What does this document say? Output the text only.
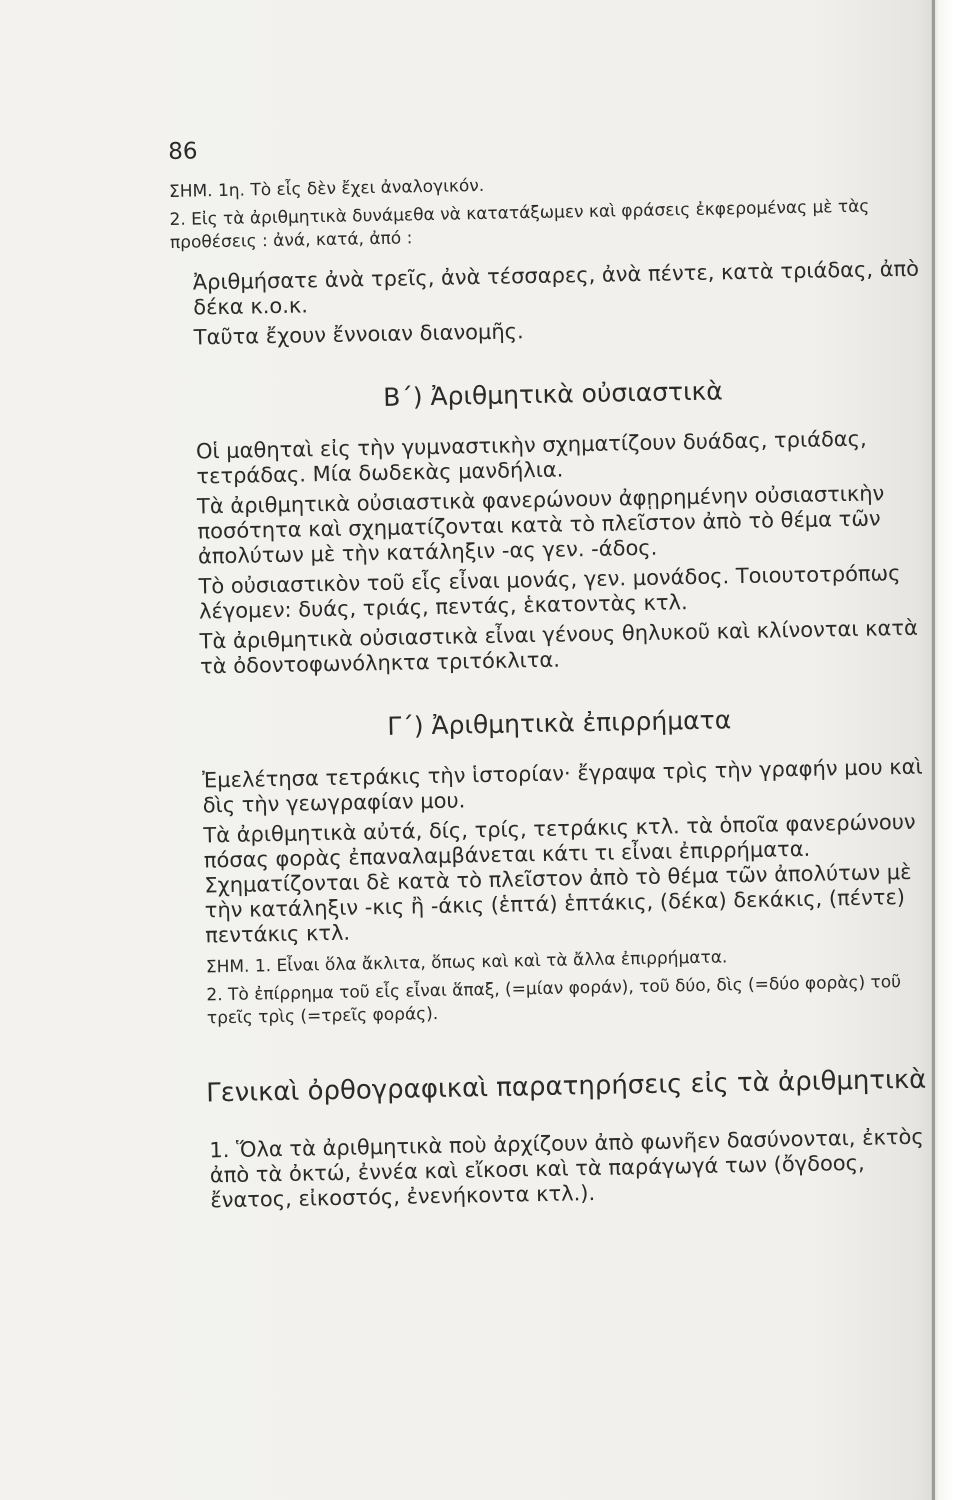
86

ΣΗΜ. 1η. Τὸ εἷς δὲν ἔχει ἀναλογικόν.

2. Εἰς τὰ ἀριθμητικὰ δυνάμεθα νὰ κατατάξωμεν καὶ φράσεις ἐκφερομένας μὲ τὰς προθέσεις : ἀνά, κατά, ἀπό :

Ἀριθμήσατε ἀνὰ τρεῖς, ἀνὰ τέσσαρες, ἀνὰ πέντε, κατὰ τριάδας, ἀπὸ δέκα κ.ο.κ.

Ταῦτα ἔχουν ἔννοιαν διανομῆς.

Β΄) Ἀριθμητικὰ οὐσιαστικὰ

Οἱ μαθηταὶ εἰς τὴν γυμναστικὴν σχηματίζουν δυάδας, τριάδας, τετράδας. Μία δωδεκὰς μανδήλια.

Τὰ ἀριθμητικὰ οὐσιαστικὰ φανερώνουν ἀφῃρημένην οὐσιαστικὴν ποσότητα καὶ σχηματίζονται κατὰ τὸ πλεῖστον ἀπὸ τὸ θέμα τῶν ἀπολύτων μὲ τὴν κατάληξιν -ας γεν. -άδος.

Τὸ οὐσιαστικὸν τοῦ εἷς εἶναι μονάς, γεν. μονάδος. Τοιουτοτρόπως λέγομεν: δυάς, τριάς, πεντάς, ἑκατοντὰς κτλ.

Τὰ ἀριθμητικὰ οὐσιαστικὰ εἶναι γένους θηλυκοῦ καὶ κλίνονται κατὰ τὰ ὀδοντοφωνόληκτα τριτόκλιτα.

Γ΄) Ἀριθμητικὰ ἐπιρρήματα

Ἐμελέτησα τετράκις τὴν ἱστορίαν· ἔγραψα τρὶς τὴν γραφήν μου καὶ δὶς τὴν γεωγραφίαν μου.

Τὰ ἀριθμητικὰ αὐτά, δίς, τρίς, τετράκις κτλ. τὰ ὁποῖα φανερώνουν πόσας φορὰς ἐπαναλαμβάνεται κάτι τι εἶναι ἐπιρρήματα. Σχηματίζονται δὲ κατὰ τὸ πλεῖστον ἀπὸ τὸ θέμα τῶν ἀπολύτων μὲ τὴν κατάληξιν -κις ἢ -άκις (ἑπτά) ἑπτάκις, (δέκα) δεκάκις, (πέντε) πεντάκις κτλ.

ΣΗΜ. 1. Εἶναι ὅλα ἄκλιτα, ὅπως καὶ καὶ τὰ ἄλλα ἐπιρρήματα.

2. Τὸ ἐπίρρημα τοῦ εἷς εἶναι ἅπαξ, (=μίαν φοράν), τοῦ δύο, δὶς (=δύο φορὰς) τοῦ τρεῖς τρὶς (=τρεῖς φοράς).

Γενικαὶ ὀρθογραφικαὶ παρατηρήσεις εἰς τὰ ἀριθμητικὰ

1. Ὅλα τὰ ἀριθμητικὰ ποὺ ἀρχίζουν ἀπὸ φωνῆεν δασύνονται, ἐκτὸς ἀπὸ τὰ ὀκτώ, ἐννέα καὶ εἴκοσι καὶ τὰ παράγωγά των (ὄγδοος, ἔνατος, εἰκοστός, ἐνενήκοντα κτλ.).
